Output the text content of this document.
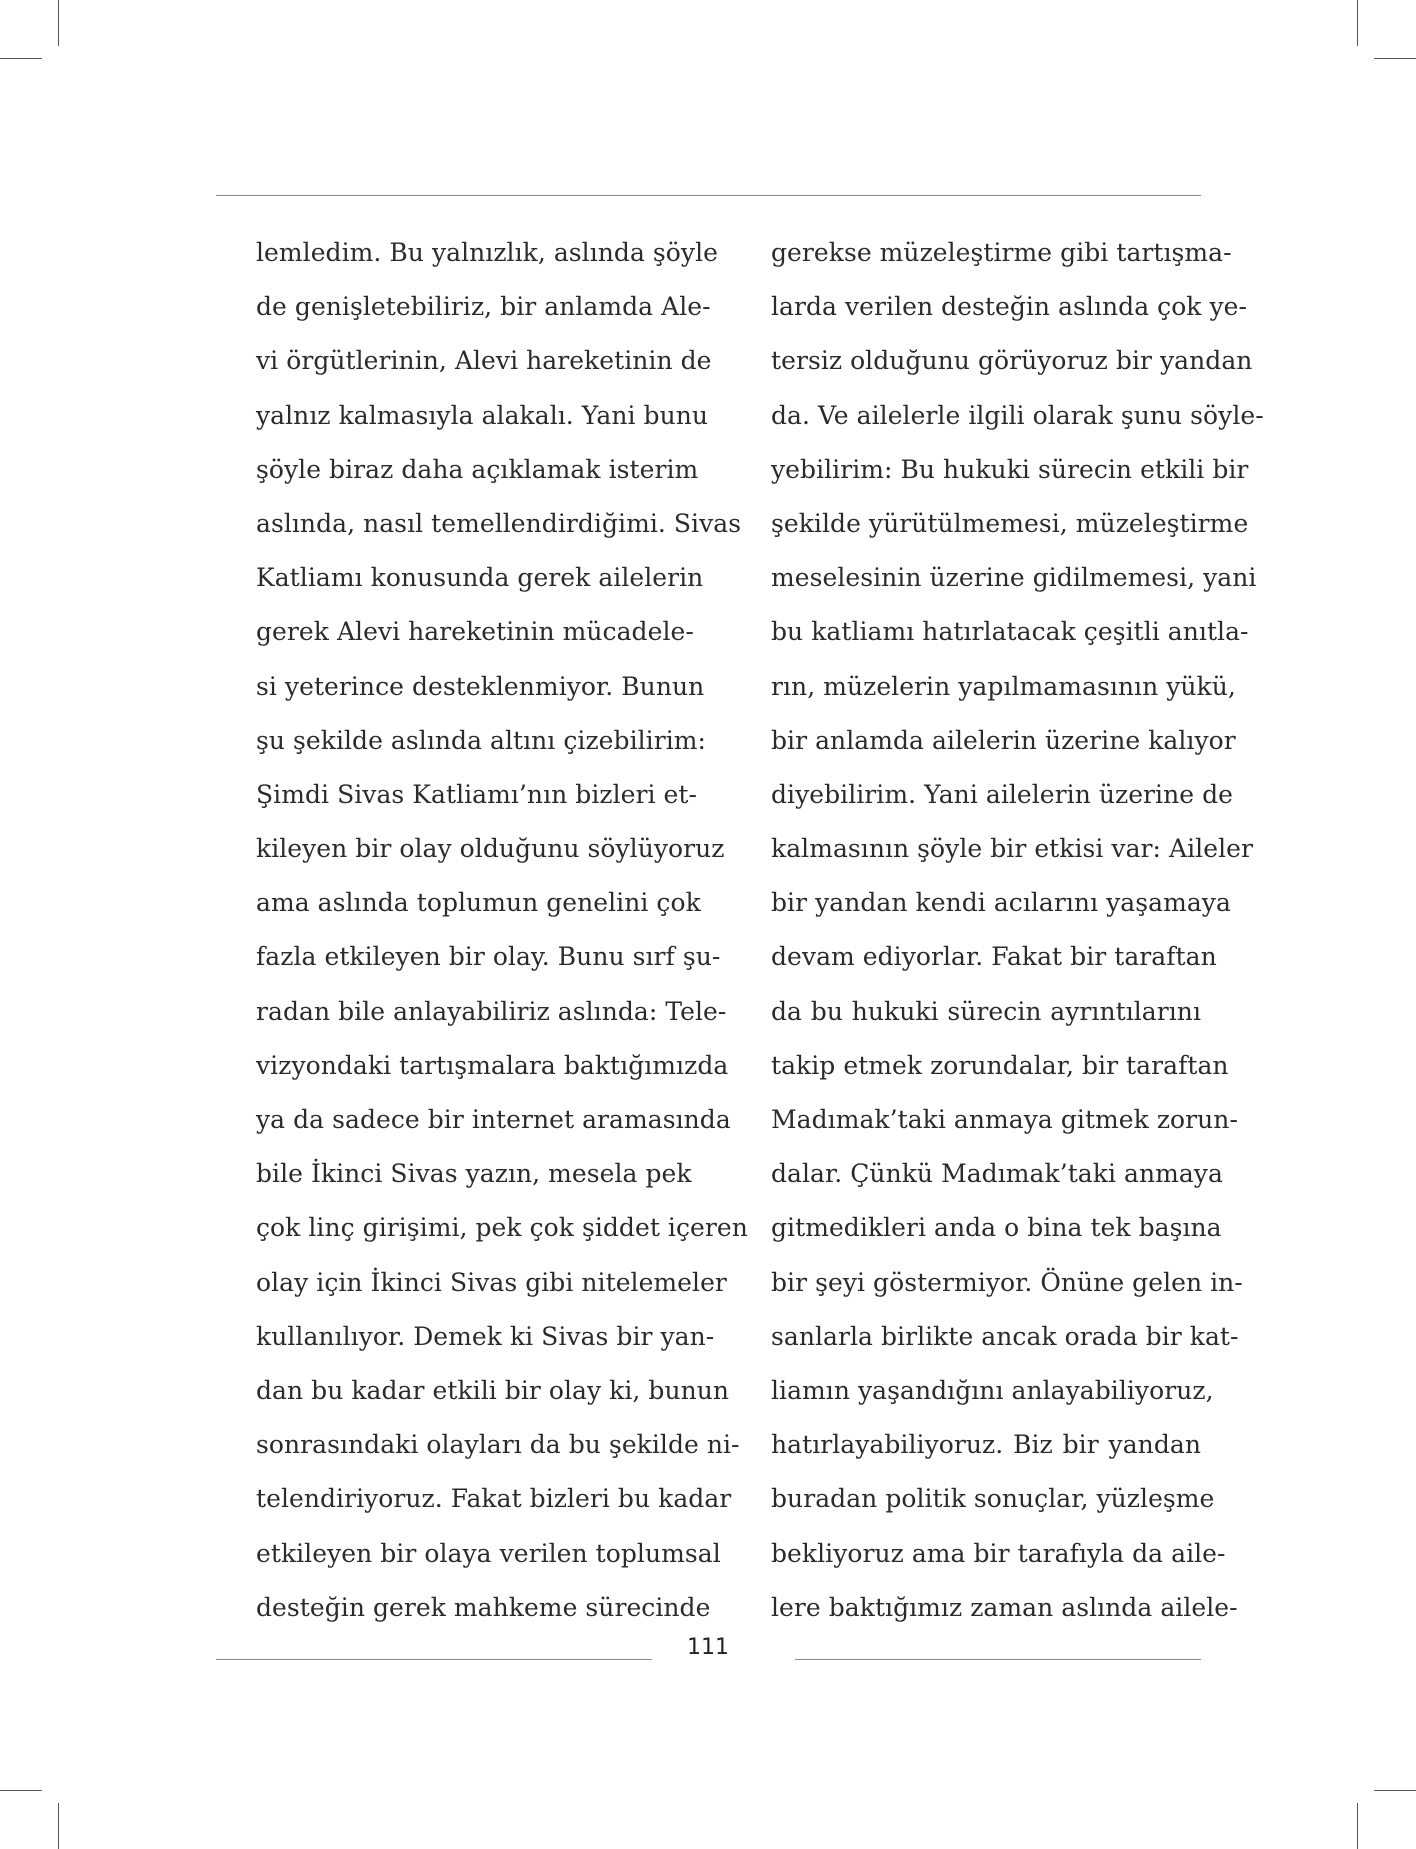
lemledim. Bu yalnızlık, aslında şöyle
de genişletebiliriz, bir anlamda Ale-
vi örgütlerinin, Alevi hareketinin de
yalnız kalmasıyla alakalı. Yani bunu
şöyle biraz daha açıklamak isterim
aslında, nasıl temellendirdiğimi. Sivas
Katliamı konusunda gerek ailelerin
gerek Alevi hareketinin mücadele-
si yeterince desteklenmiyor. Bunun
şu şekilde aslında altını çizebilirim:
Şimdi Sivas Katliamı’nın bizleri et-
kileyen bir olay olduğunu söylüyoruz
ama aslında toplumun genelini çok
fazla etkileyen bir olay. Bunu sırf şu-
radan bile anlayabiliriz aslında: Tele-
vizyondaki tartışmalara baktığımızda
ya da sadece bir internet aramasında
bile İkinci Sivas yazın, mesela pek
çok linç girişimi, pek çok şiddet içeren
olay için İkinci Sivas gibi nitelemeler
kullanılıyor. Demek ki Sivas bir yan-
dan bu kadar etkili bir olay ki, bunun
sonrasındaki olayları da bu şekilde ni-
telendiriyoruz. Fakat bizleri bu kadar
etkileyen bir olaya verilen toplumsal
desteğin gerek mahkeme sürecinde
gerekse müzeleştirme gibi tartışma-
larda verilen desteğin aslında çok ye-
tersiz olduğunu görüyoruz bir yandan
da. Ve ailelerle ilgili olarak şunu söyle-
yebilirim: Bu hukuki sürecin etkili bir
şekilde yürütülmemesi, müzeleştirme
meselesinin üzerine gidilmemesi, yani
bu katliamı hatırlatacak çeşitli anıtla-
rın, müzelerin yapılmamasının yükü,
bir anlamda ailelerin üzerine kalıyor
diyebilirim. Yani ailelerin üzerine de
kalmasının şöyle bir etkisi var: Aileler
bir yandan kendi acılarını yaşamaya
devam ediyorlar. Fakat bir taraftan
da bu hukuki sürecin ayrıntılarını
takip etmek zorundalar, bir taraftan
Madımak’taki anmaya gitmek zorun-
dalar. Çünkü Madımak’taki anmaya
gitmedikleri anda o bina tek başına
bir şeyi göstermiyor. Önüne gelen in-
sanlarla birlikte ancak orada bir kat-
liamın yaşandığını anlayabiliyoruz,
hatırlayabiliyoruz. Biz bir yandan
buradan politik sonuçlar, yüzleşme
bekliyoruz ama bir tarafıyla da aile-
lere baktığımız zaman aslında ailele-
111
